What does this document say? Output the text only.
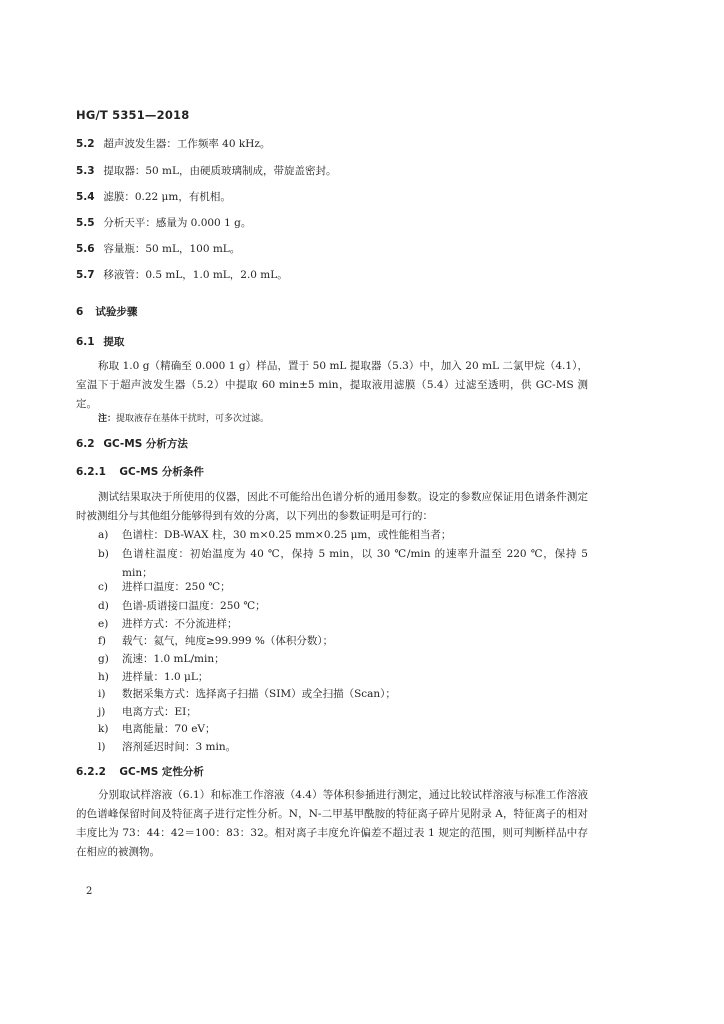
HG/T 5351—2018
5.2 超声波发生器：工作频率 40 kHz。
5.3 提取器：50 mL，由硬质玻璃制成，带旋盖密封。
5.4 滤膜：0.22 μm，有机相。
5.5 分析天平：感量为 0.000 1 g。
5.6 容量瓶：50 mL，100 mL。
5.7 移液管：0.5 mL，1.0 mL，2.0 mL。
6 试验步骤
6.1 提取
称取 1.0 g（精确至 0.000 1 g）样品，置于 50 mL 提取器（5.3）中，加入 20 mL 二氯甲烷（4.1），室温下于超声波发生器（5.2）中提取 60 min±5 min，提取液用滤膜（5.4）过滤至透明，供 GC-MS 测定。
注：提取液存在基体干扰时，可多次过滤。
6.2 GC-MS 分析方法
6.2.1 GC-MS 分析条件
测试结果取决于所使用的仪器，因此不可能给出色谱分析的通用参数。设定的参数应保证用色谱条件测定时被测组分与其他组分能够得到有效的分离，以下列出的参数证明是可行的：
a) 色谱柱：DB-WAX 柱，30 m×0.25 mm×0.25 μm，或性能相当者；
b) 色谱柱温度：初始温度为 40 ℃，保持 5 min，以 30 ℃/min 的速率升温至 220 ℃，保持 5 min；
c) 进样口温度：250 ℃；
d) 色谱-质谱接口温度：250 ℃；
e) 进样方式：不分流进样；
f) 载气：氦气，纯度≥99.999 %（体积分数）；
g) 流速：1.0 mL/min；
h) 进样量：1.0 μL；
i) 数据采集方式：选择离子扫描（SIM）或全扫描（Scan）；
j) 电离方式：EI；
k) 电离能量：70 eV；
l) 溶剂延迟时间：3 min。
6.2.2 GC-MS 定性分析
分别取试样溶液（6.1）和标准工作溶液（4.4）等体积参插进行测定，通过比较试样溶液与标准工作溶液的色谱峰保留时间及特征离子进行定性分析。N，N-二甲基甲酰胺的特征离子碎片见附录 A，特征离子的相对丰度比为 73：44：42＝100：83：32。相对离子丰度允许偏差不超过表 1 规定的范围，则可判断样品中存在相应的被测物。
2
